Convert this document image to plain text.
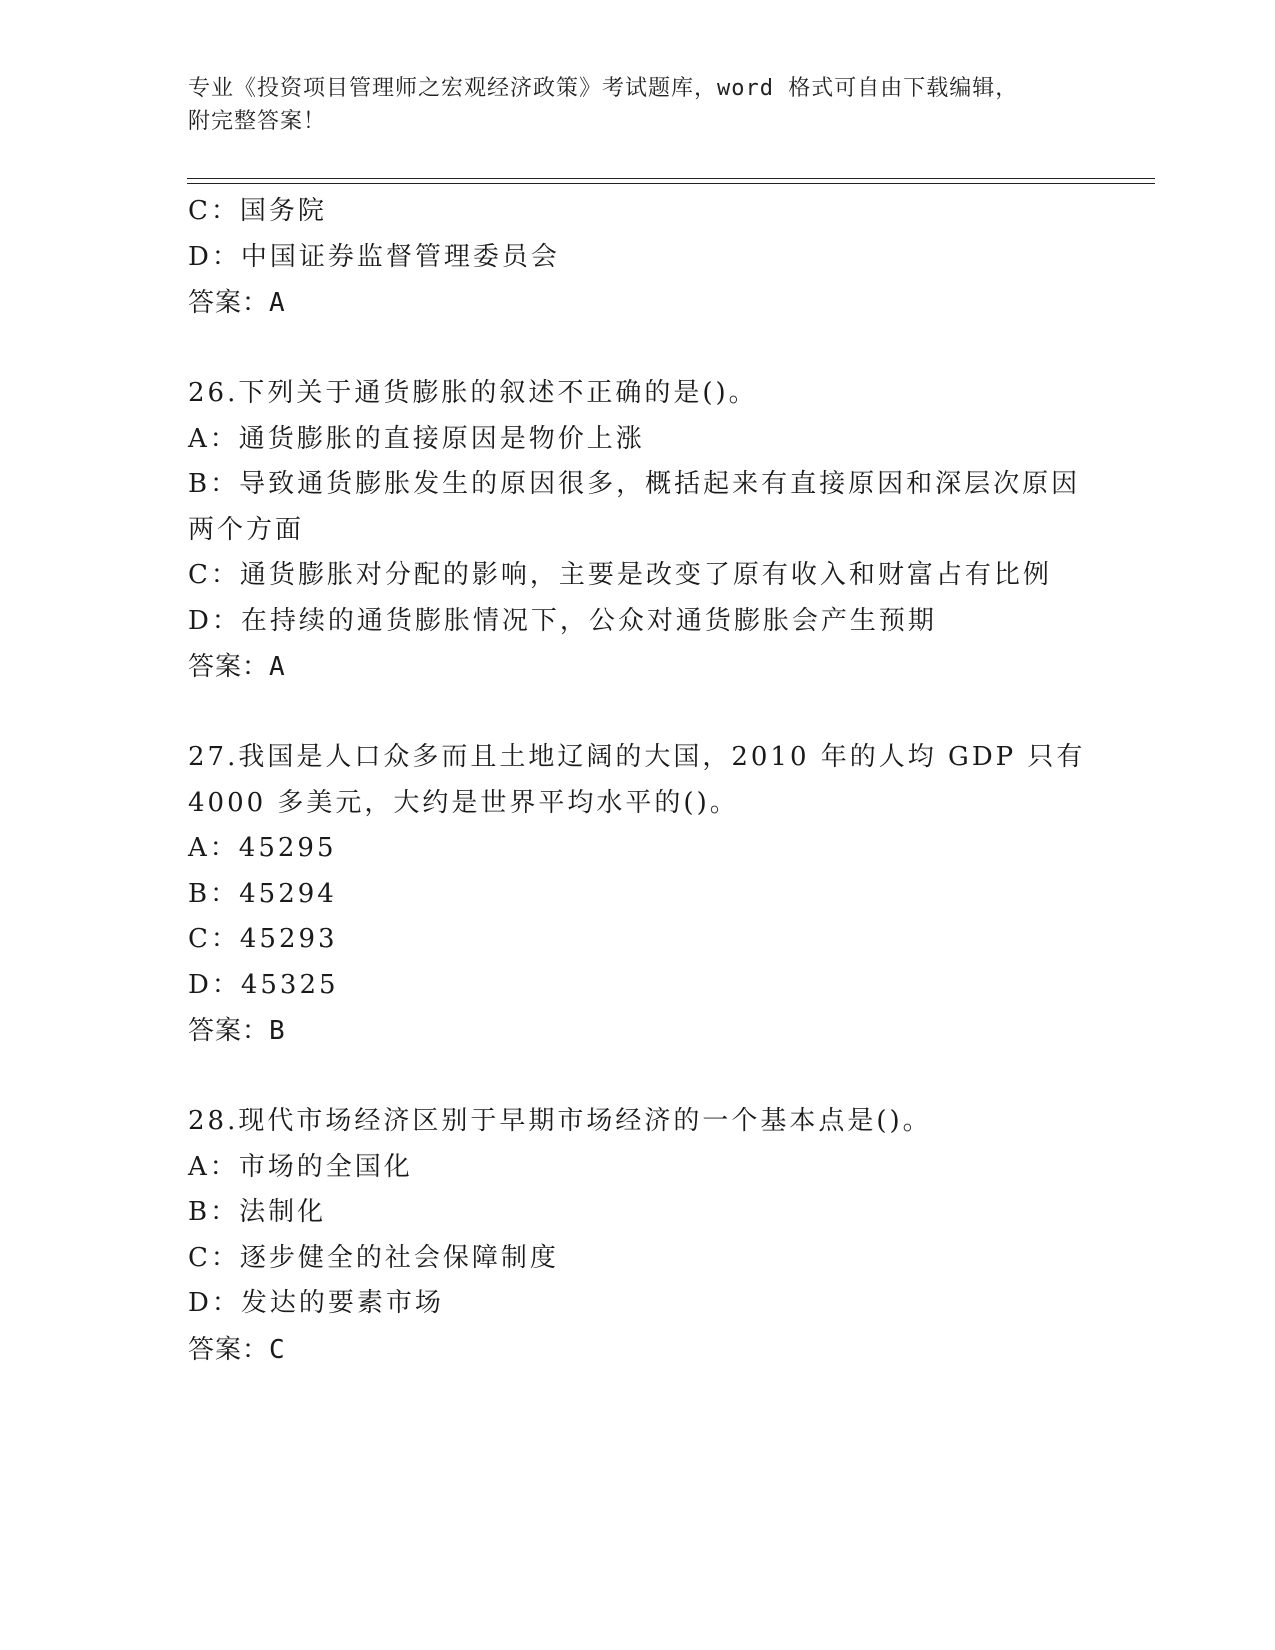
专业《投资项目管理师之宏观经济政策》考试题库，word 格式可自由下载编辑，
附完整答案！
C：国务院
D：中国证券监督管理委员会
答案：A
26.下列关于通货膨胀的叙述不正确的是()。
A：通货膨胀的直接原因是物价上涨
B：导致通货膨胀发生的原因很多，概括起来有直接原因和深层次原因
两个方面
C：通货膨胀对分配的影响，主要是改变了原有收入和财富占有比例
D：在持续的通货膨胀情况下，公众对通货膨胀会产生预期
答案：A
27.我国是人口众多而且土地辽阔的大国，2010 年的人均 GDP 只有
4000 多美元，大约是世界平均水平的()。
A：45295
B：45294
C：45293
D：45325
答案：B
28.现代市场经济区别于早期市场经济的一个基本点是()。
A：市场的全国化
B：法制化
C：逐步健全的社会保障制度
D：发达的要素市场
答案：C
